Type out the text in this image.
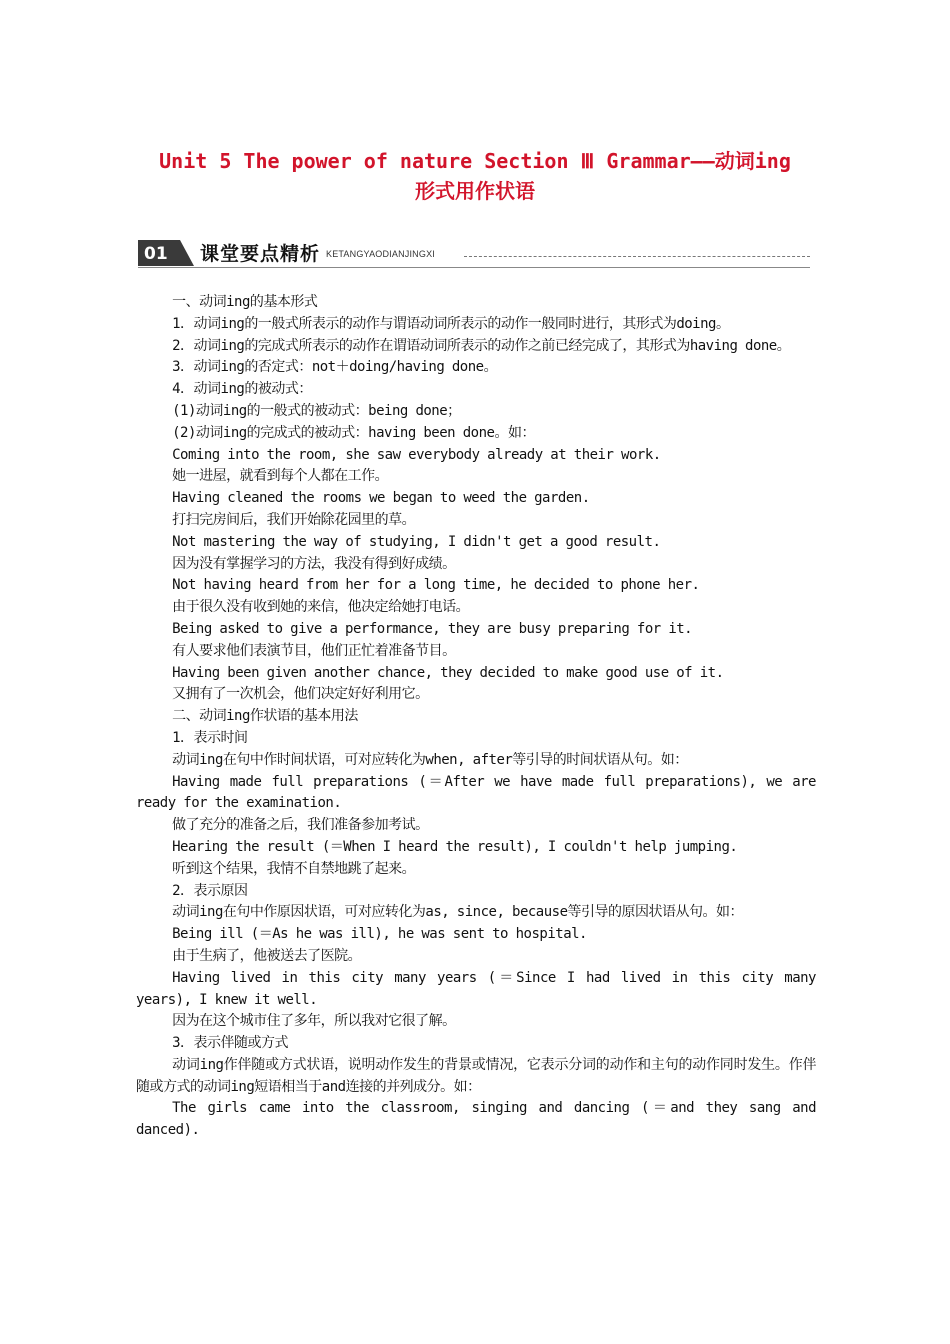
Unit 5 The power of nature Section Ⅲ Grammar——动词ing
形式用作状语
01 课堂要点精析 KETANGYAODIANJINGXI

一、动词ing的基本形式

1．动词ing的一般式所表示的动作与谓语动词所表示的动作一般同时进行，其形式为doing。

2．动词ing的完成式所表示的动作在谓语动词所表示的动作之前已经完成了，其形式为having done。

3．动词ing的否定式：not＋doing/having done。

4．动词ing的被动式：

(1)动词ing的一般式的被动式：being done；

(2)动词ing的完成式的被动式：having been done。如：

Coming into the room, she saw everybody already at their work.

她一进屋，就看到每个人都在工作。

Having cleaned the rooms we began to weed the garden.

打扫完房间后，我们开始除花园里的草。

Not mastering the way of studying, I didn't get a good result.

因为没有掌握学习的方法，我没有得到好成绩。

Not having heard from her for a long time, he decided to phone her.

由于很久没有收到她的来信，他决定给她打电话。

Being asked to give a performance, they are busy preparing for it.

有人要求他们表演节目，他们正忙着准备节目。

Having been given another chance, they decided to make good use of it.

又拥有了一次机会，他们决定好好利用它。

二、动词ing作状语的基本用法

1．表示时间

动词ing在句中作时间状语，可对应转化为when, after等引导的时间状语从句。如：

Having made full preparations (＝After we have made full preparations), we are ready for the examination.

做了充分的准备之后，我们准备参加考试。

Hearing the result (＝When I heard the result), I couldn't help jumping.

听到这个结果，我情不自禁地跳了起来。

2．表示原因

动词ing在句中作原因状语，可对应转化为as, since, because等引导的原因状语从句。如：

Being ill (＝As he was ill), he was sent to hospital.

由于生病了，他被送去了医院。

Having lived in this city many years (＝Since I had lived in this city many years), I knew it well.

因为在这个城市住了多年，所以我对它很了解。

3．表示伴随或方式

动词ing作伴随或方式状语，说明动作发生的背景或情况，它表示分词的动作和主句的动作同时发生。作伴随或方式的动词ing短语相当于and连接的并列成分。如：

The girls came into the classroom, singing and dancing (＝and they sang and danced).
